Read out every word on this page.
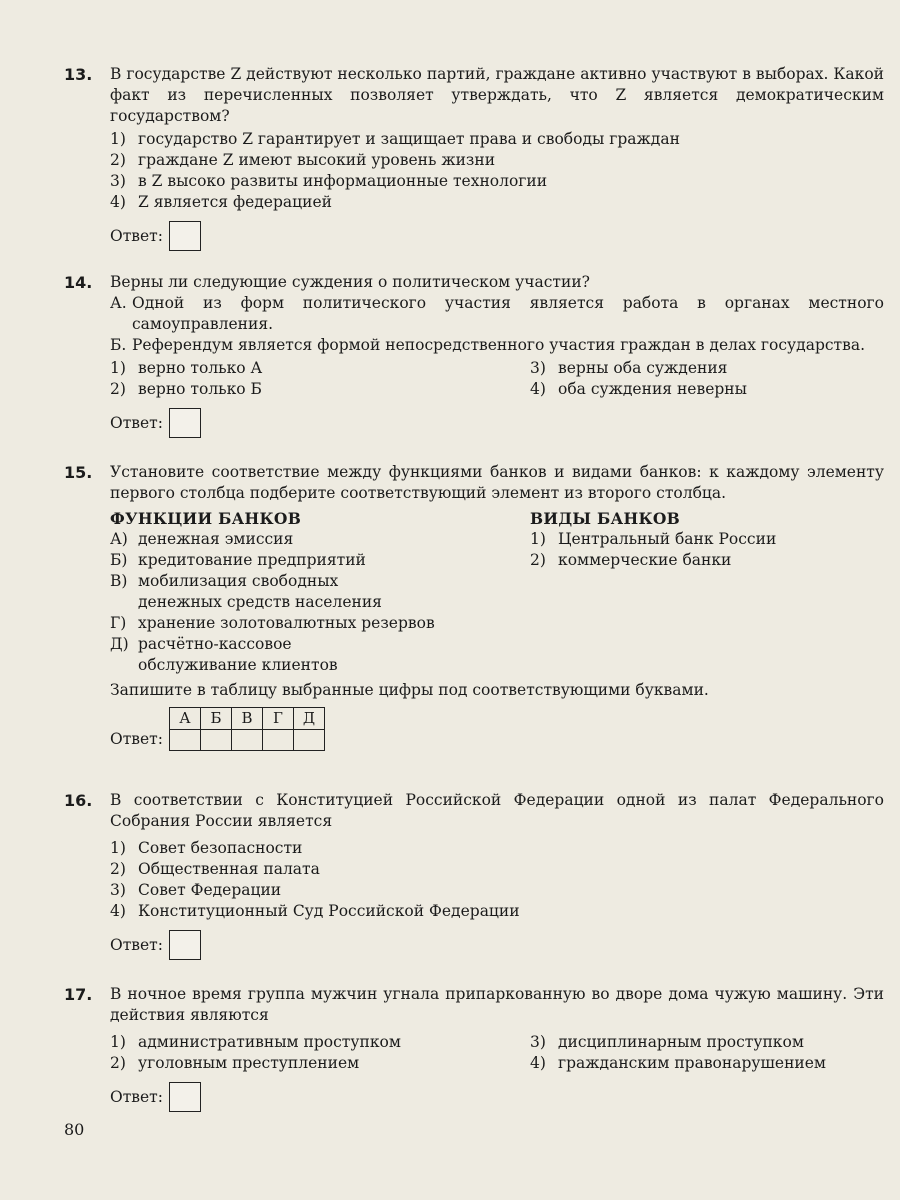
13. В государстве Z действуют несколько партий, граждане активно участвуют в выборах. Какой факт из перечисленных позволяет утверждать, что Z является демократическим государством?
1) государство Z гарантирует и защищает права и свободы граждан
2) граждане Z имеют высокий уровень жизни
3) в Z высоко развиты информационные технологии
4) Z является федерацией
Ответ:
14. Верны ли следующие суждения о политическом участии?
А. Одной из форм политического участия является работа в органах местного самоуправления.
Б. Референдум является формой непосредственного участия граждан в делах государства.
1) верно только А	3) верны оба суждения
2) верно только Б	4) оба суждения неверны
Ответ:
15. Установите соответствие между функциями банков и видами банков: к каждому элементу первого столбца подберите соответствующий элемент из второго столбца.
ФУНКЦИИ БАНКОВ
А) денежная эмиссия
Б) кредитование предприятий
В) мобилизация свободных денежных средств населения
Г) хранение золотовалютных резервов
Д) расчётно-кассовое обслуживание клиентов
ВИДЫ БАНКОВ
1) Центральный банк России
2) коммерческие банки
Запишите в таблицу выбранные цифры под соответствующими буквами.
Ответ:
А	Б	В	Г	Д

16. В соответствии с Конституцией Российской Федерации одной из палат Федерального Собрания России является
1) Совет безопасности
2) Общественная палата
3) Совет Федерации
4) Конституционный Суд Российской Федерации
Ответ:
17. В ночное время группа мужчин угнала припаркованную во дворе дома чужую машину. Эти действия являются
1) административным проступком	3) дисциплинарным проступком
2) уголовным преступлением	4) гражданским правонарушением
Ответ:
80
